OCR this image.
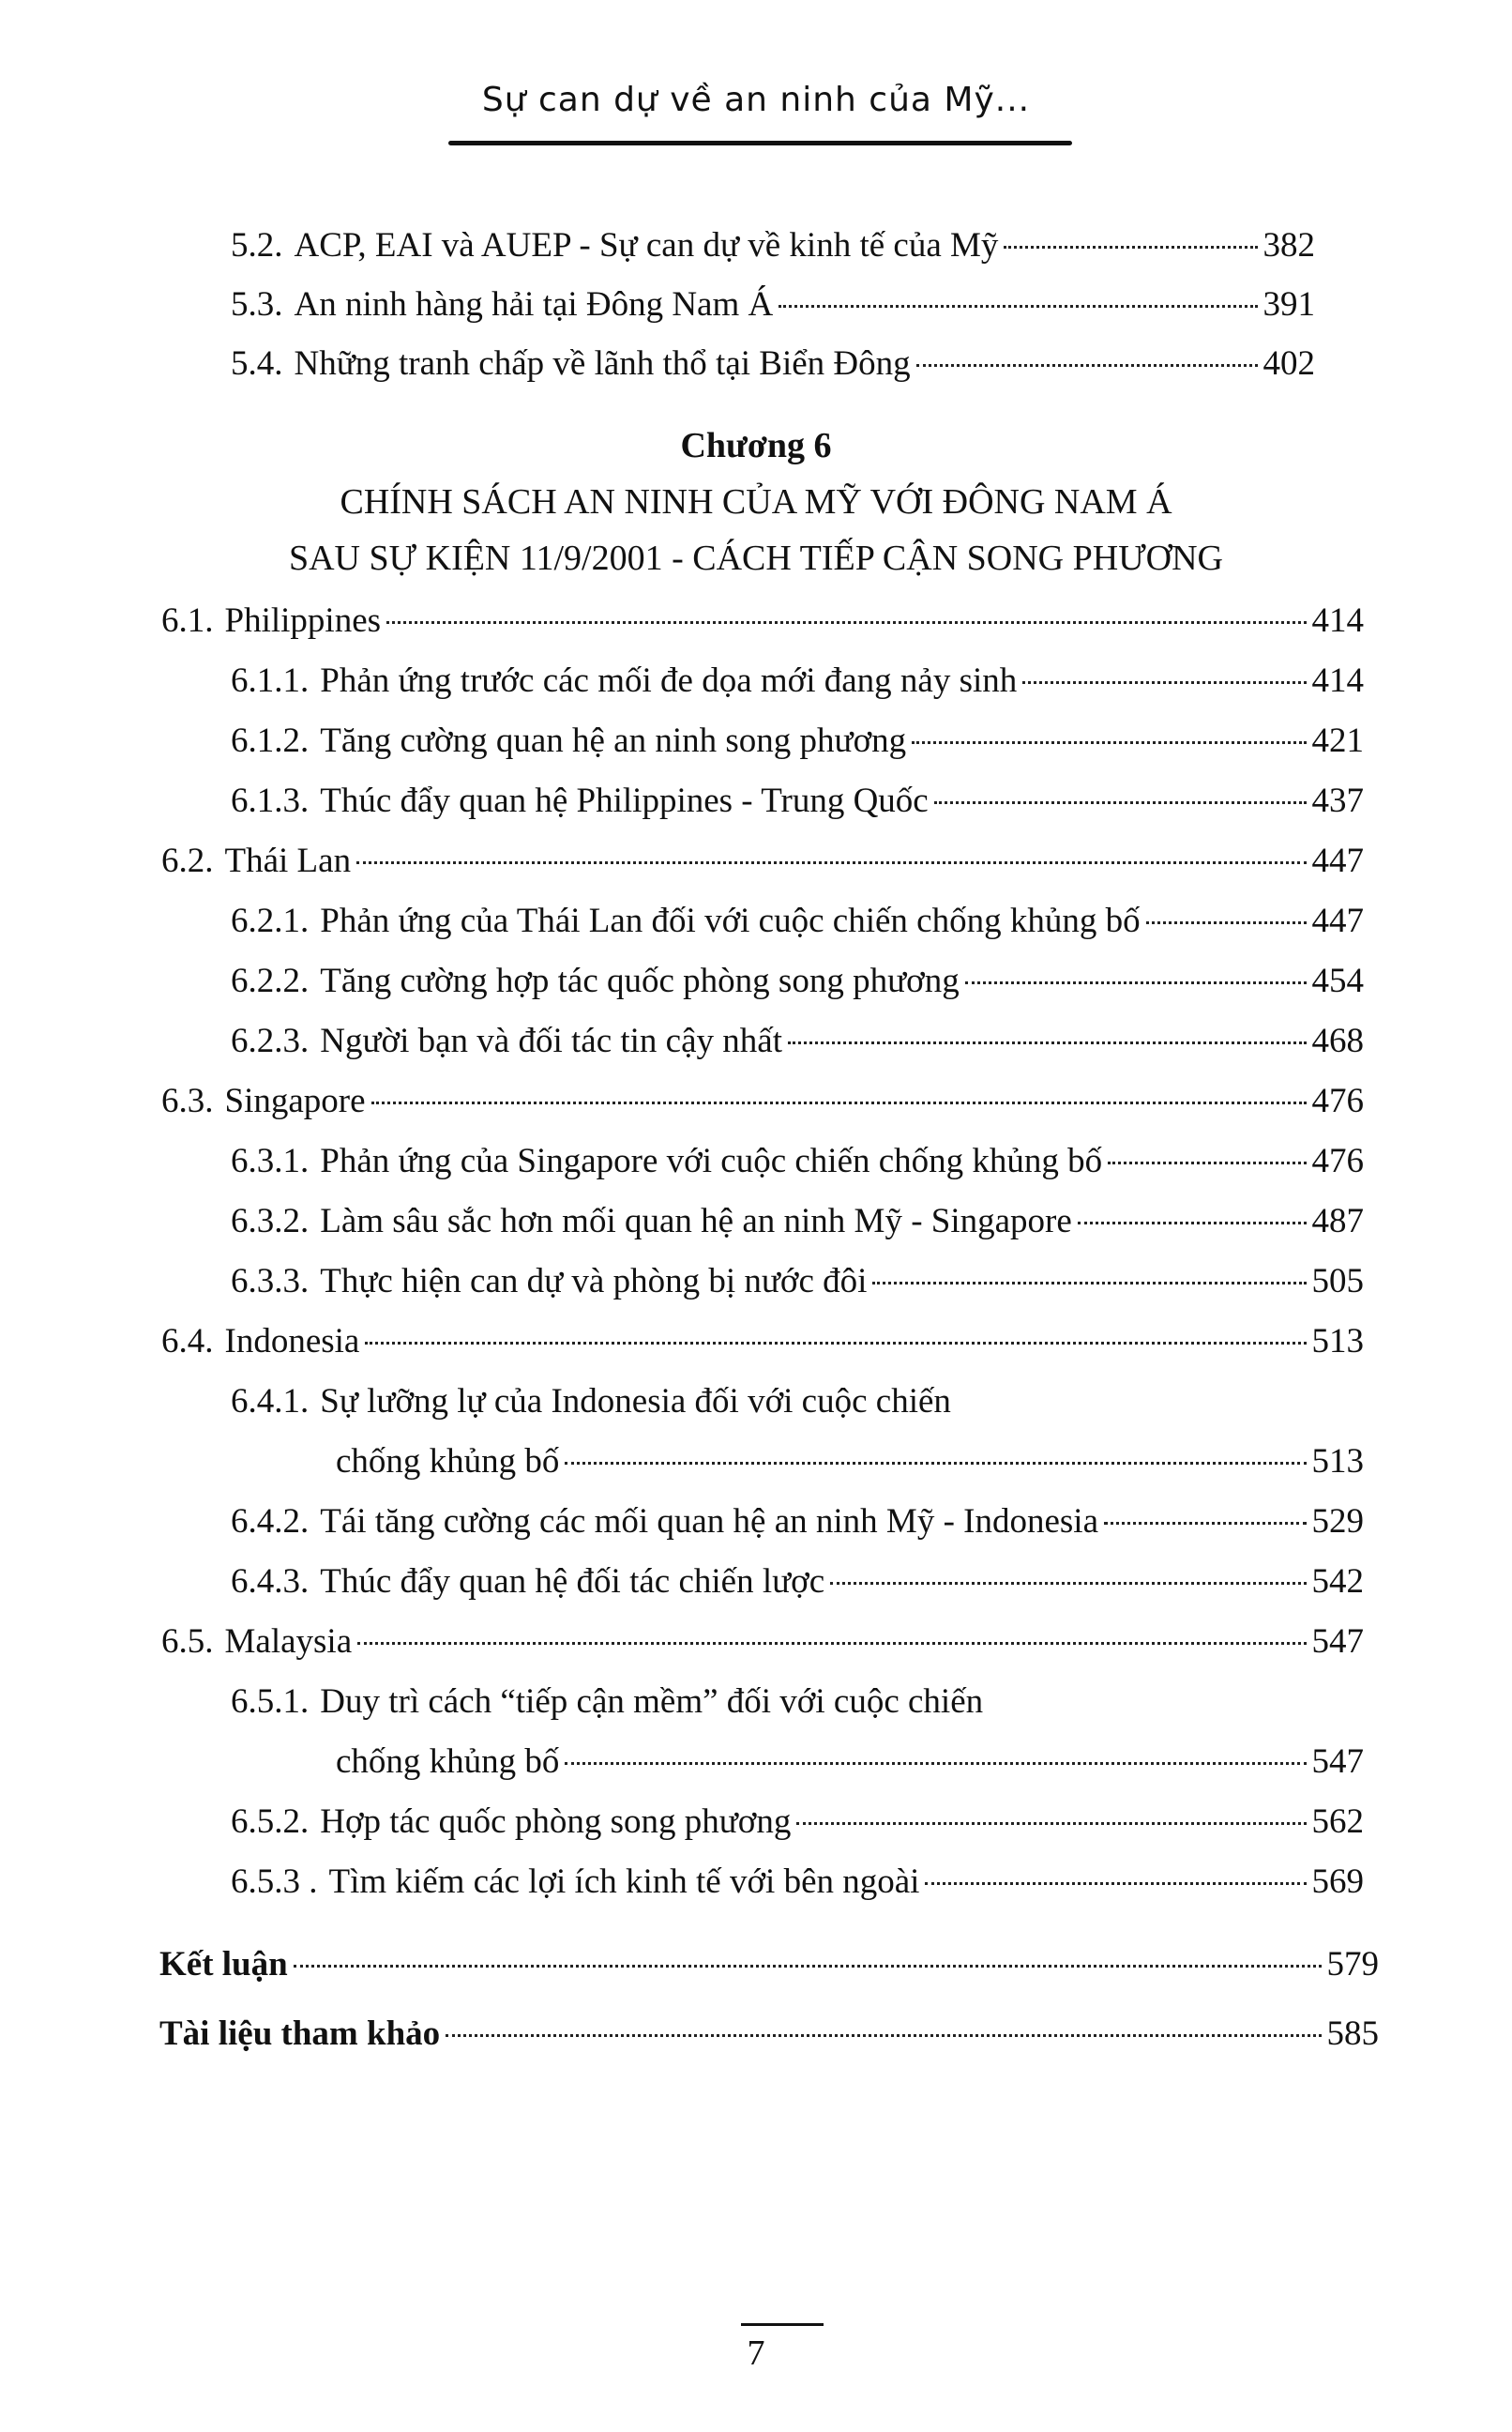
Sự can dự về an ninh của Mỹ...
5.2. ACP, EAI và AUEP - Sự can dự về kinh tế của Mỹ	382
5.3. An ninh hàng hải tại Đông Nam Á	391
5.4. Những tranh chấp về lãnh thổ tại Biển Đông	402
Chương 6
CHÍNH SÁCH AN NINH CỦA MỸ VỚI ĐÔNG NAM Á
SAU SỰ KIỆN 11/9/2001 - CÁCH TIẾP CẬN SONG PHƯƠNG
6.1. Philippines	414
6.1.1. Phản ứng trước các mối đe dọa mới đang nảy sinh	414
6.1.2. Tăng cường quan hệ an ninh song phương	421
6.1.3. Thúc đẩy quan hệ Philippines - Trung Quốc	437
6.2. Thái Lan	447
6.2.1. Phản ứng của Thái Lan đối với cuộc chiến chống khủng bố	447
6.2.2. Tăng cường hợp tác quốc phòng song phương	454
6.2.3. Người bạn và đối tác tin cậy nhất	468
6.3. Singapore	476
6.3.1. Phản ứng của Singapore với cuộc chiến chống khủng bố	476
6.3.2. Làm sâu sắc hơn mối quan hệ an ninh Mỹ - Singapore	487
6.3.3. Thực hiện can dự và phòng bị nước đôi	505
6.4. Indonesia	513
6.4.1. Sự lưỡng lự của Indonesia đối với cuộc chiến
chống khủng bố	513
6.4.2. Tái tăng cường các mối quan hệ an ninh Mỹ - Indonesia	529
6.4.3. Thúc đẩy quan hệ đối tác chiến lược	542
6.5. Malaysia	547
6.5.1. Duy trì cách “tiếp cận mềm” đối với cuộc chiến
chống khủng bố	547
6.5.2. Hợp tác quốc phòng song phương	562
6.5.3 . Tìm kiếm các lợi ích kinh tế với bên ngoài	569
Kết luận	579
Tài liệu tham khảo	585
7
